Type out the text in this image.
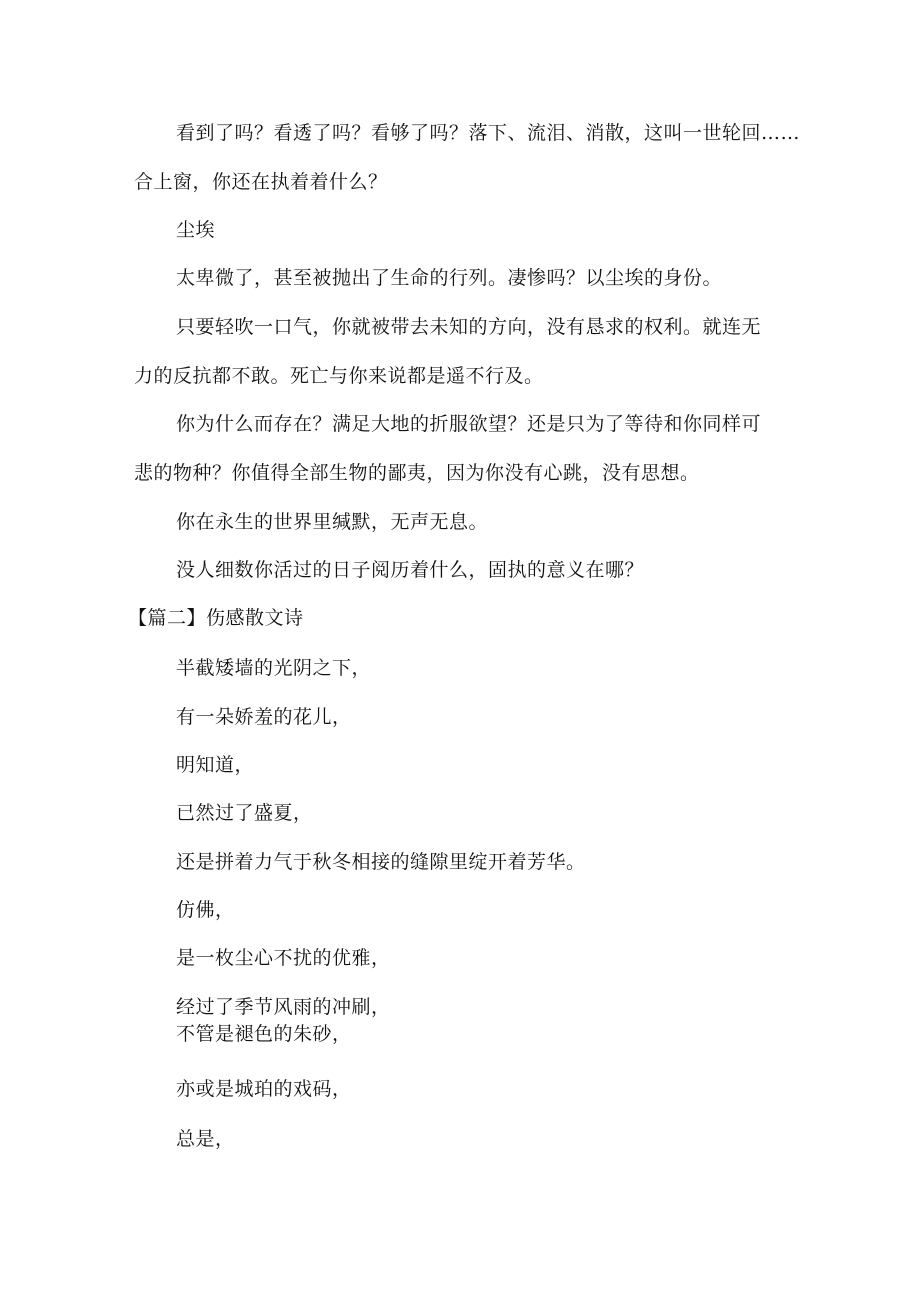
看到了吗？看透了吗？看够了吗？落下、流泪、消散，这叫一世轮回……
合上窗，你还在执着着什么？
尘埃
太卑微了，甚至被抛出了生命的行列。凄惨吗？以尘埃的身份。
只要轻吹一口气，你就被带去未知的方向，没有恳求的权利。就连无
力的反抗都不敢。死亡与你来说都是遥不行及。
你为什么而存在？满足大地的折服欲望？还是只为了等待和你同样可
悲的物种？你值得全部生物的鄙夷，因为你没有心跳，没有思想。
你在永生的世界里缄默，无声无息。
没人细数你活过的日子阅历着什么，固执的意义在哪？
【篇二】伤感散文诗
半截矮墙的光阴之下，
有一朵娇羞的花儿，
明知道，
已然过了盛夏，
还是拼着力气于秋冬相接的缝隙里绽开着芳华。
仿佛，
是一枚尘心不扰的优雅，
经过了季节风雨的冲刷，
不管是褪色的朱砂，
亦或是城珀的戏码，
总是，
